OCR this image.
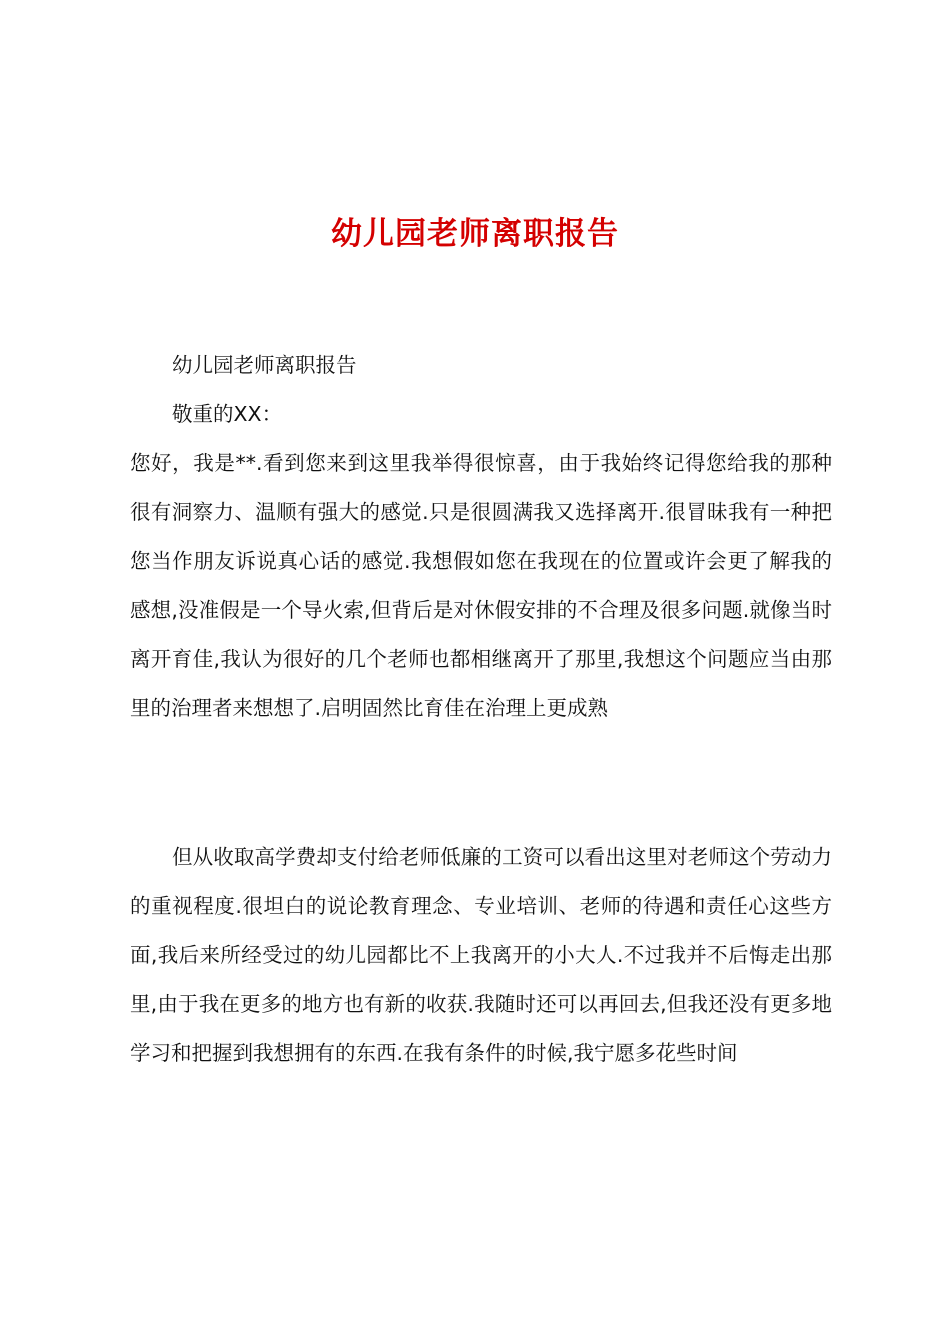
幼儿园老师离职报告

幼儿园老师离职报告

敬重的XX：

您好，我是**.看到您来到这里我举得很惊喜，由于我始终记得您给我的那种很有洞察力、温顺有强大的感觉.只是很圆满我又选择离开.很冒昧我有一种把您当作朋友诉说真心话的感觉.我想假如您在我现在的位置或许会更了解我的感想,没准假是一个导火索,但背后是对休假安排的不合理及很多问题.就像当时离开育佳,我认为很好的几个老师也都相继离开了那里,我想这个问题应当由那里的治理者来想想了.启明固然比育佳在治理上更成熟

但从收取高学费却支付给老师低廉的工资可以看出这里对老师这个劳动力的重视程度.很坦白的说论教育理念、专业培训、老师的待遇和责任心这些方面,我后来所经受过的幼儿园都比不上我离开的小大人.不过我并不后悔走出那里,由于我在更多的地方也有新的收获.我随时还可以再回去,但我还没有更多地学习和把握到我想拥有的东西.在我有条件的时候,我宁愿多花些时间
